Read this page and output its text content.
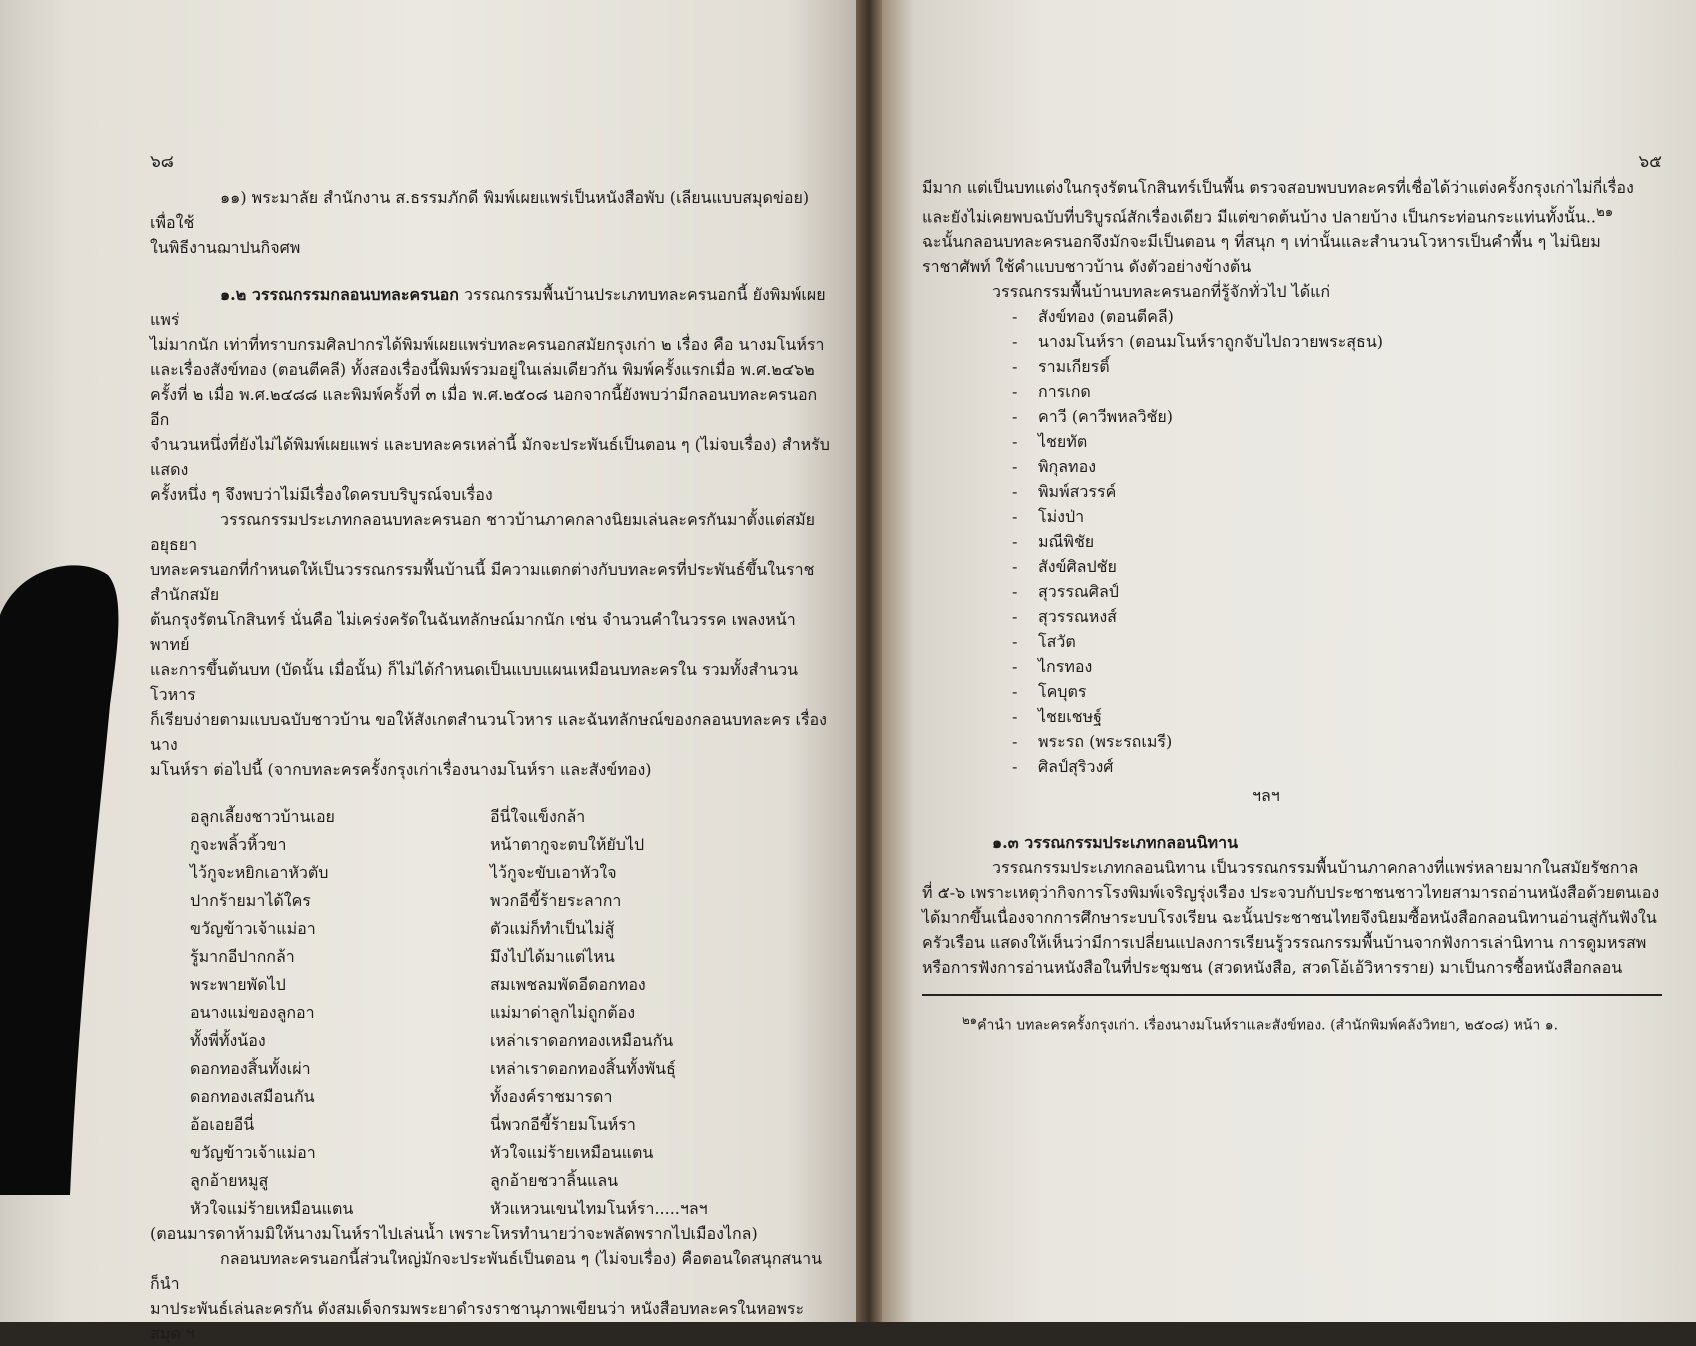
๖๘
๑๑) พระมาลัย สำนักงาน ส.ธรรมภักดี พิมพ์เผยแพร่เป็นหนังสือพับ (เลียนแบบสมุดข่อย) เพื่อใช้
ในพิธีงานฌาปนกิจศพ
๑.๒ วรรณกรรมกลอนบทละครนอก วรรณกรรมพื้นบ้านประเภทบทละครนอกนี้ ยังพิมพ์เผยแพร่
ไม่มากนัก เท่าที่ทราบกรมศิลปากรได้พิมพ์เผยแพร่บทละครนอกสมัยกรุงเก่า ๒ เรื่อง คือ นางมโนห์รา
และเรื่องสังข์ทอง (ตอนตีคลี) ทั้งสองเรื่องนี้พิมพ์รวมอยู่ในเล่มเดียวกัน พิมพ์ครั้งแรกเมื่อ พ.ศ.๒๔๖๒
ครั้งที่ ๒ เมื่อ พ.ศ.๒๔๘๘ และพิมพ์ครั้งที่ ๓ เมื่อ พ.ศ.๒๕๐๘ นอกจากนี้ยังพบว่ามีกลอนบทละครนอกอีก
จำนวนหนึ่งที่ยังไม่ได้พิมพ์เผยแพร่ และบทละครเหล่านี้ มักจะประพันธ์เป็นตอน ๆ (ไม่จบเรื่อง) สำหรับแสดง
ครั้งหนึ่ง ๆ จึงพบว่าไม่มีเรื่องใดครบบริบูรณ์จบเรื่อง
วรรณกรรมประเภทกลอนบทละครนอก ชาวบ้านภาคกลางนิยมเล่นละครกันมาตั้งแต่สมัยอยุธยา
บทละครนอกที่กำหนดให้เป็นวรรณกรรมพื้นบ้านนี้ มีความแตกต่างกับบทละครที่ประพันธ์ขึ้นในราชสำนักสมัย
ต้นกรุงรัตนโกสินทร์ นั่นคือ ไม่เคร่งครัดในฉันทลักษณ์มากนัก เช่น จำนวนคำในวรรค เพลงหน้าพาทย์
และการขึ้นต้นบท (บัดนั้น เมื่อนั้น) ก็ไม่ได้กำหนดเป็นแบบแผนเหมือนบทละครใน รวมทั้งสำนวนโวหาร
ก็เรียบง่ายตามแบบฉบับชาวบ้าน ขอให้สังเกตสำนวนโวหาร และฉันทลักษณ์ของกลอนบทละคร เรื่องนาง
มโนห์รา ต่อไปนี้ (จากบทละครครั้งกรุงเก่าเรื่องนางมโนห์รา และสังข์ทอง)
อลูกเลี้ยงชาวบ้านเอย	อีนี่ใจแข็งกล้า
กูจะพลิ้วหิ้วขา	หน้าตากูจะตบให้ยับไป
ไว้กูจะหยิกเอาหัวตับ	ไว้กูจะขับเอาหัวใจ
ปากร้ายมาได้ใคร	พวกอีขี้ร้ายระลากา
ขวัญข้าวเจ้าแม่อา	ตัวแม่ก็ทำเป็นไม่สู้
รู้มากอีปากกล้า	มึงไปได้มาแต่ไหน
พระพายพัดไป	สมเพชลมพัดอีดอกทอง
อนางแม่ของลูกอา	แม่มาด่าลูกไม่ถูกต้อง
ทั้งพี่ทั้งน้อง	เหล่าเราดอกทองเหมือนกัน
ดอกทองสิ้นทั้งเผ่า	เหล่าเราดอกทองสิ้นทั้งพันธุ์
ดอกทองเสมือนกัน	ทั้งองค์ราชมารดา
อ้อเอยอีนี่	นี่พวกอีขี้ร้ายมโนห์รา
ขวัญข้าวเจ้าแม่อา	หัวใจแม่ร้ายเหมือนแตน
ลูกอ้ายหมูสู	ลูกอ้ายชวาลิ้นแลน
หัวใจแม่ร้ายเหมือนแตน	หัวแหวนเขนไทมโนห์รา.....ฯลฯ
(ตอนมารดาห้ามมิให้นางมโนห์ราไปเล่นน้ำ เพราะโหรทำนายว่าจะพลัดพรากไปเมืองไกล)
กลอนบทละครนอกนี้ส่วนใหญ่มักจะประพันธ์เป็นตอน ๆ (ไม่จบเรื่อง) คือตอนใดสนุกสนานก็นำ
มาประพันธ์เล่นละครกัน ดังสมเด็จกรมพระยาดำรงราชานุภาพเขียนว่า หนังสือบทละครในหอพระสมุด ฯ
๖๕
มีมาก แต่เป็นบทแต่งในกรุงรัตนโกสินทร์เป็นพื้น ตรวจสอบพบบทละครที่เชื่อได้ว่าแต่งครั้งกรุงเก่าไม่กี่เรื่อง
และยังไม่เคยพบฉบับที่บริบูรณ์สักเรื่องเดียว มีแต่ขาดต้นบ้าง ปลายบ้าง เป็นกระท่อนกระแท่นทั้งนั้น..$^{๒๑}$
ฉะนั้นกลอนบทละครนอกจึงมักจะมีเป็นตอน ๆ ที่สนุก ๆ เท่านั้นและสำนวนโวหารเป็นคำพื้น ๆ ไม่นิยม
ราชาศัพท์ ใช้คำแบบชาวบ้าน ดังตัวอย่างข้างต้น
วรรณกรรมพื้นบ้านบทละครนอกที่รู้จักทั่วไป ได้แก่
- สังข์ทอง (ตอนตีคลี)
- นางมโนห์รา (ตอนมโนห์ราถูกจับไปถวายพระสุธน)
- รามเกียรติ์
- การเกด
- คาวี (คาวีพหลวิชัย)
- ไชยทัต
- พิกุลทอง
- พิมพ์สวรรค์
- โม่งป่า
- มณีพิชัย
- สังข์ศิลปชัย
- สุวรรณศิลป์
- สุวรรณหงส์
- โสวัต
- ไกรทอง
- โคบุตร
- ไชยเชษฐ์
- พระรถ (พระรถเมรี)
- ศิลป์สุริวงศ์
ฯลฯ
๑.๓ วรรณกรรมประเภทกลอนนิทาน
วรรณกรรมประเภทกลอนนิทาน เป็นวรรณกรรมพื้นบ้านภาคกลางที่แพร่หลายมากในสมัยรัชกาล
ที่ ๕-๖ เพราะเหตุว่ากิจการโรงพิมพ์เจริญรุ่งเรือง ประจวบกับประชาชนชาวไทยสามารถอ่านหนังสือด้วยตนเอง
ได้มากขึ้นเนื่องจากการศึกษาระบบโรงเรียน ฉะนั้นประชาชนไทยจึงนิยมซื้อหนังสือกลอนนิทานอ่านสู่กันฟังใน
ครัวเรือน แสดงให้เห็นว่ามีการเปลี่ยนแปลงการเรียนรู้วรรณกรรมพื้นบ้านจากฟังการเล่านิทาน การดูมหรสพ
หรือการฟังการอ่านหนังสือในที่ประชุมชน (สวดหนังสือ, สวดโอ้เอ้วิหารราย) มาเป็นการซื้อหนังสือกลอน
$^{๒๑}$คำนำ บทละครครั้งกรุงเก่า. เรื่องนางมโนห์ราและสังข์ทอง. (สำนักพิมพ์คลังวิทยา, ๒๕๐๘) หน้า ๑.
